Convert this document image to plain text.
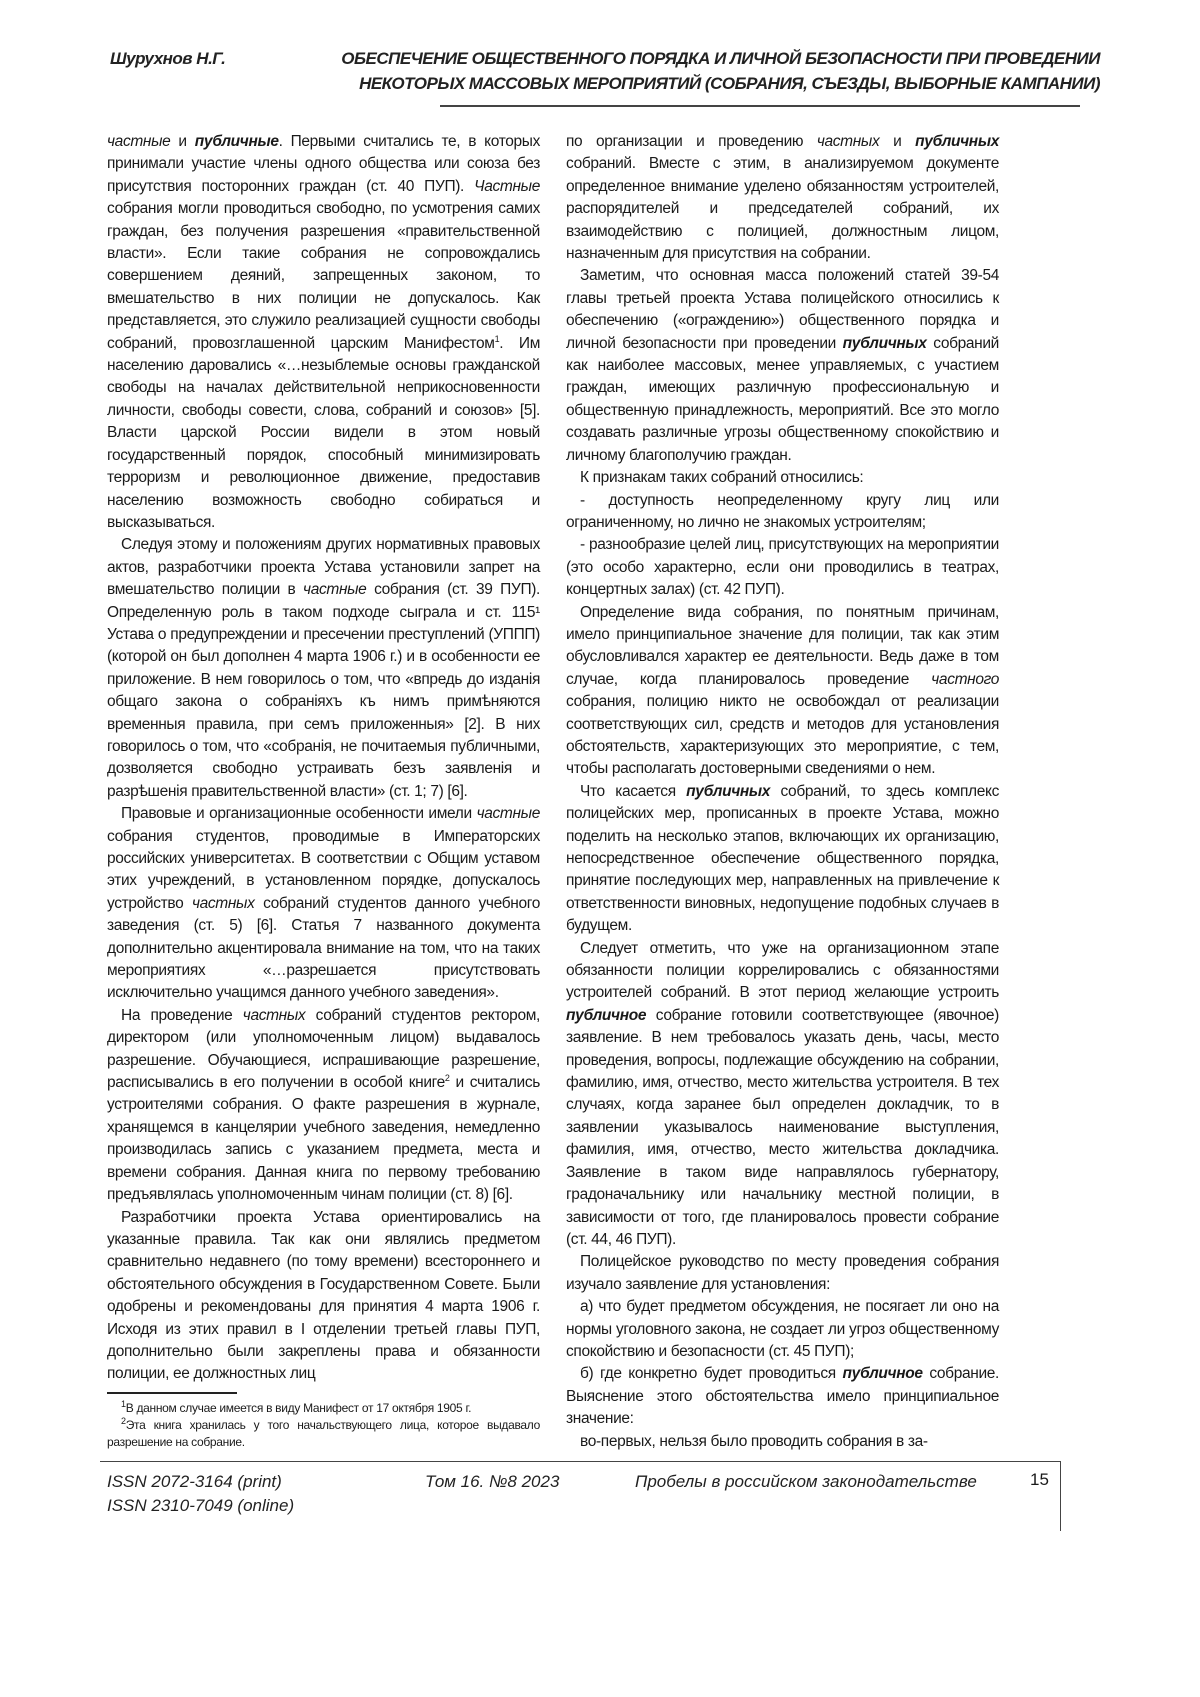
Шурухнов Н.Г.	ОБЕСПЕЧЕНИЕ ОБЩЕСТВЕННОГО ПОРЯДКА И ЛИЧНОЙ БЕЗОПАСНОСТИ ПРИ ПРОВЕДЕНИИ
НЕКОТОРЫХ МАССОВЫХ МЕРОПРИЯТИЙ (СОБРАНИЯ, СЪЕЗДЫ, ВЫБОРНЫЕ КАМПАНИИ)

частные и публичные. Первыми считались те, в которых принимали участие члены одного общества или союза без присутствия посторонних граждан (ст. 40 ПУП). Частные собрания могли проводиться свободно, по усмотрения самих граждан, без получения разрешения «правительственной власти». Если такие собрания не сопровождались совершением деяний, запрещенных законом, то вмешательство в них полиции не допускалось. Как представляется, это служило реализацией сущности свободы собраний, провозглашенной царским Манифестом1. Им населению даровались «…незыблемые основы гражданской свободы на началах действительной неприкосновенности личности, свободы совести, слова, собраний и союзов» [5]. Власти царской России видели в этом новый государственный порядок, способный минимизировать терроризм и революционное движение, предоставив населению возможность свободно собираться и высказываться.

Следуя этому и положениям других нормативных правовых актов, разработчики проекта Устава установили запрет на вмешательство полиции в частные собрания (ст. 39 ПУП). Определенную роль в таком подходе сыграла и ст. 115¹ Устава о предупреждении и пресечении преступлений (УППП) (которой он был дополнен 4 марта 1906 г.) и в особенности ее приложение. В нем говорилось о том, что «впредь до изданія общаго закона о собраніяхъ къ нимъ примѣняются временныя правила, при семъ приложенныя» [2]. В них говорилось о том, что «собранія, не почитаемыя публичными, дозволяется свободно устраивать безъ заявленія и разрѣшенія правительственной власти» (ст. 1; 7) [6].

Правовые и организационные особенности имели частные собрания студентов, проводимые в Императорских российских университетах. В соответствии с Общим уставом этих учреждений, в установленном порядке, допускалось устройство частных собраний студентов данного учебного заведения (ст. 5) [6]. Статья 7 названного документа дополнительно акцентировала внимание на том, что на таких мероприятиях «…разрешается присутствовать исключительно учащимся данного учебного заведения».

На проведение частных собраний студентов ректором, директором (или уполномоченным лицом) выдавалось разрешение. Обучающиеся, испрашивающие разрешение, расписывались в его получении в особой книге2 и считались устроителями собрания. О факте разрешения в журнале, хранящемся в канцелярии учебного заведения, немедленно производилась запись с указанием предмета, места и времени собрания. Данная книга по первому требованию предъявлялась уполномоченным чинам полиции (ст. 8) [6].

Разработчики проекта Устава ориентировались на указанные правила. Так как они являлись предметом сравнительно недавнего (по тому времени) всестороннего и обстоятельного обсуждения в Государственном Совете. Были одобрены и рекомендованы для принятия 4 марта 1906 г. Исходя из этих правил в I отделении третьей главы ПУП, дополнительно были закреплены права и обязанности полиции, ее должностных лиц

1В данном случае имеется в виду Манифест от 17 октября 1905 г.

2Эта книга хранилась у того начальствующего лица, которое выдавало разрешение на собрание.

по организации и проведению частных и публичных собраний. Вместе с этим, в анализируемом документе определенное внимание уделено обязанностям устроителей, распорядителей и председателей собраний, их взаимодействию с полицией, должностным лицом, назначенным для присутствия на собрании.

Заметим, что основная масса положений статей 39-54 главы третьей проекта Устава полицейского относились к обеспечению («ограждению») общественного порядка и личной безопасности при проведении публичных собраний как наиболее массовых, менее управляемых, с участием граждан, имеющих различную профессиональную и общественную принадлежность, мероприятий. Все это могло создавать различные угрозы общественному спокойствию и личному благополучию граждан.

К признакам таких собраний относились:

- доступность неопределенному кругу лиц или ограниченному, но лично не знакомых устроителям;

- разнообразие целей лиц, присутствующих на мероприятии (это особо характерно, если они проводились в театрах, концертных залах) (ст. 42 ПУП).

Определение вида собрания, по понятным причинам, имело принципиальное значение для полиции, так как этим обусловливался характер ее деятельности. Ведь даже в том случае, когда планировалось проведение частного собрания, полицию никто не освобождал от реализации соответствующих сил, средств и методов для установления обстоятельств, характеризующих это мероприятие, с тем, чтобы располагать достоверными сведениями о нем.

Что касается публичных собраний, то здесь комплекс полицейских мер, прописанных в проекте Устава, можно поделить на несколько этапов, включающих их организацию, непосредственное обеспечение общественного порядка, принятие последующих мер, направленных на привлечение к ответственности виновных, недопущение подобных случаев в будущем.

Следует отметить, что уже на организационном этапе обязанности полиции коррелировались с обязанностями устроителей собраний. В этот период желающие устроить публичное собрание готовили соответствующее (явочное) заявление. В нем требовалось указать день, часы, место проведения, вопросы, подлежащие обсуждению на собрании, фамилию, имя, отчество, место жительства устроителя. В тех случаях, когда заранее был определен докладчик, то в заявлении указывалось наименование выступления, фамилия, имя, отчество, место жительства докладчика. Заявление в таком виде направлялось губернатору, градоначальнику или начальнику местной полиции, в зависимости от того, где планировалось провести собрание (ст. 44, 46 ПУП).

Полицейское руководство по месту проведения собрания изучало заявление для установления:

а) что будет предметом обсуждения, не посягает ли оно на нормы уголовного закона, не создает ли угроз общественному спокойствию и безопасности (ст. 45 ПУП);

б) где конкретно будет проводиться публичное собрание. Выяснение этого обстоятельства имело принципиальное значение:

во-первых, нельзя было проводить собрания в за-

ISSN 2072-3164 (print)
ISSN 2310-7049 (online)
Том 16. №8 2023	Пробелы в российском законодательстве	15
